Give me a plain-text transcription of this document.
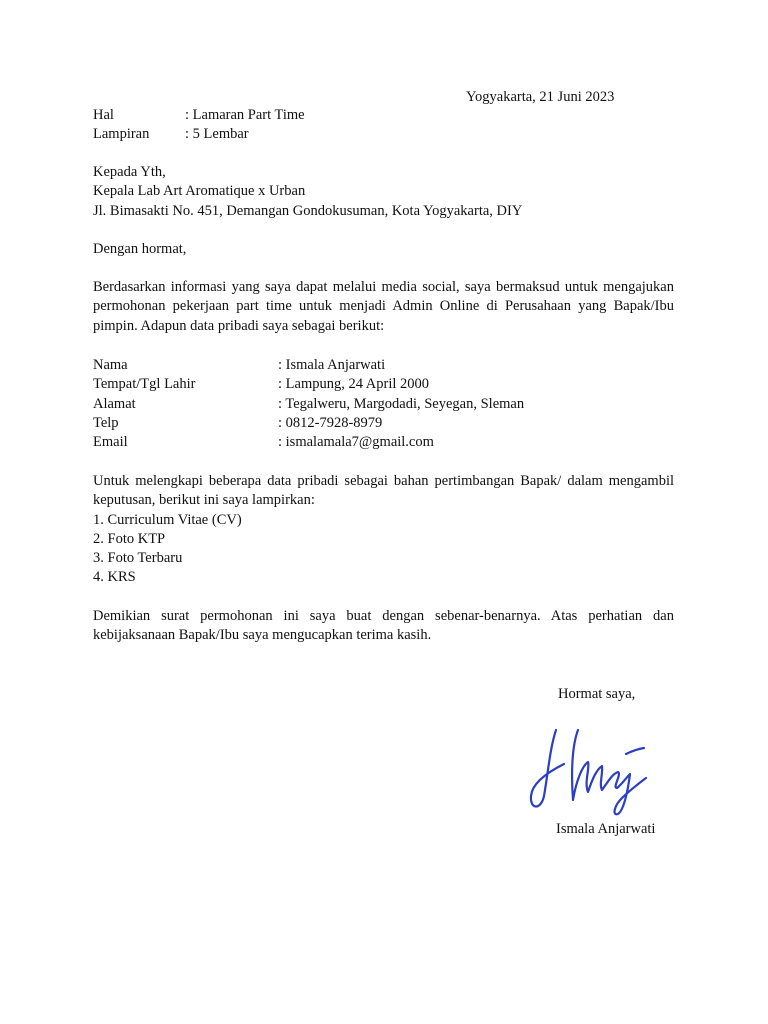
Yogyakarta, 21 Juni 2023
Hal	: Lamaran Part Time
Lampiran : 5 Lembar
Kepada Yth,
Kepala Lab Art Aromatique x Urban
Jl. Bimasakti No. 451, Demangan Gondokusuman, Kota Yogyakarta, DIY
Dengan hormat,
Berdasarkan informasi yang saya dapat melalui media social, saya bermaksud untuk mengajukan permohonan pekerjaan part time untuk menjadi Admin Online di Perusahaan yang Bapak/Ibu pimpin. Adapun data pribadi saya sebagai berikut:
Nama	: Ismala Anjarwati
Tempat/Tgl Lahir	: Lampung, 24 April 2000
Alamat	: Tegalweru, Margodadi, Seyegan, Sleman
Telp	: 0812-7928-8979
Email	: ismalamala7@gmail.com
Untuk melengkapi beberapa data pribadi sebagai bahan pertimbangan Bapak/ dalam mengambil keputusan, berikut ini saya lampirkan:
1. Curriculum Vitae (CV)
2. Foto KTP
3. Foto Terbaru
4. KRS
Demikian surat permohonan ini saya buat dengan sebenar-benarnya. Atas perhatian dan kebijaksanaan Bapak/Ibu saya mengucapkan terima kasih.
Hormat saya,
Ismala Anjarwati
